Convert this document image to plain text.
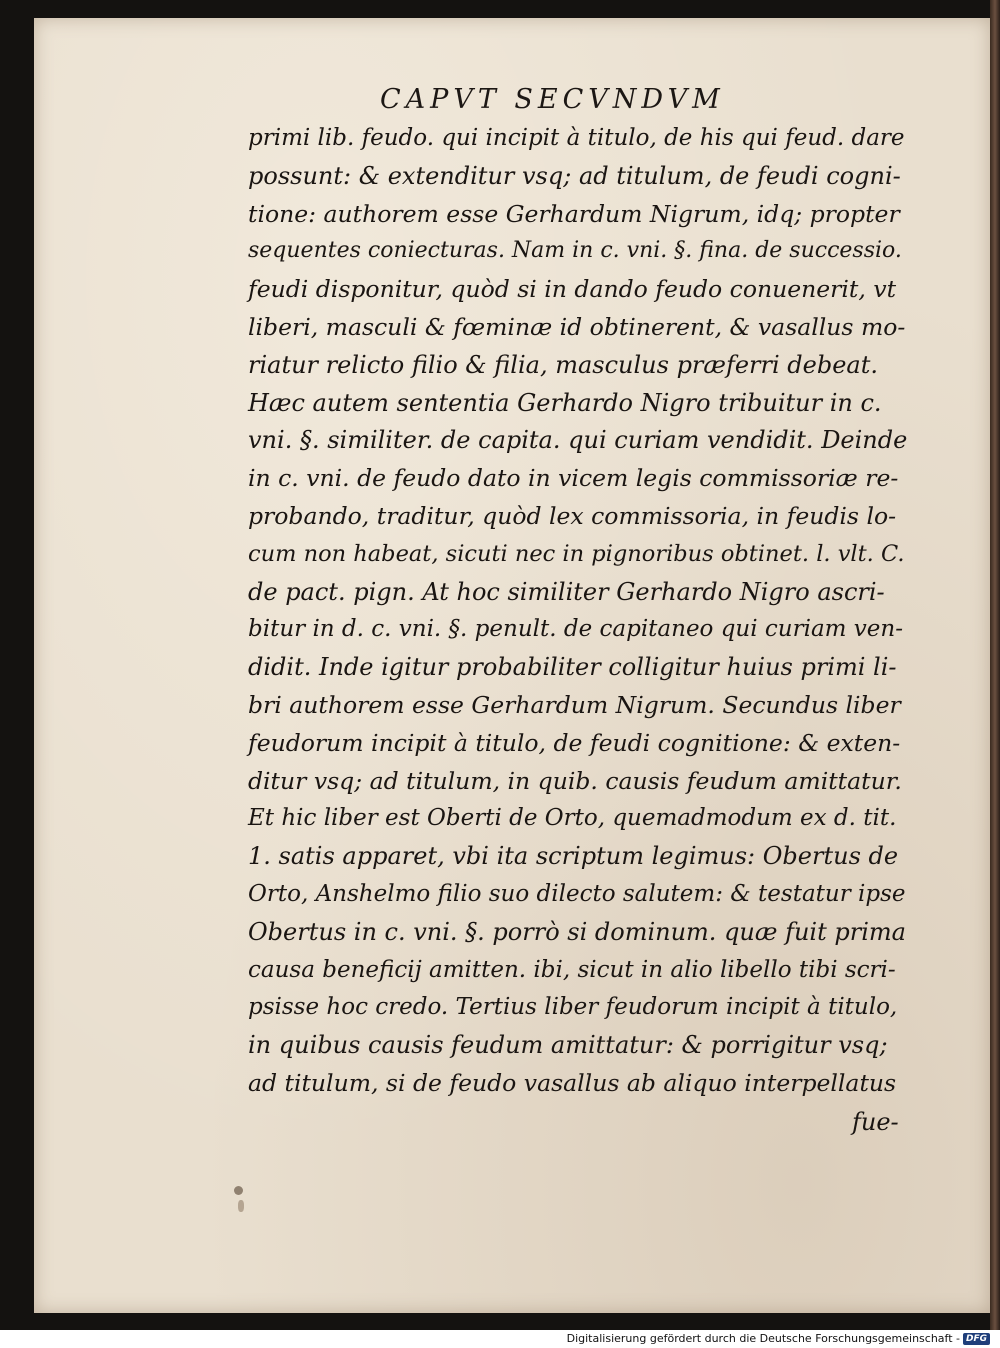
CAPVT SECVNDVM
primi lib. feudo. qui incipit à titulo, de his qui feud. dare
possunt: & extenditur vsq; ad titulum, de feudi cogni-
tione: authorem esse Gerhardum Nigrum, idq; propter
sequentes coniecturas. Nam in c. vni. §. fina. de successio.
feudi disponitur, quòd si in dando feudo conuenerit, vt
liberi, masculi & fœminæ id obtinerent, & vasallus mo-
riatur relicto filio & filia, masculus præferri debeat.
Hæc autem sententia Gerhardo Nigro tribuitur in c.
vni. §. similiter. de capita. qui curiam vendidit. Deinde
in c. vni. de feudo dato in vicem legis commissoriæ re-
probando, traditur, quòd lex commissoria, in feudis lo-
cum non habeat, sicuti nec in pignoribus obtinet. l. vlt. C.
de pact. pign. At hoc similiter Gerhardo Nigro ascri-
bitur in d. c. vni. §. penult. de capitaneo qui curiam ven-
didit. Inde igitur probabiliter colligitur huius primi li-
bri authorem esse Gerhardum Nigrum. Secundus liber
feudorum incipit à titulo, de feudi cognitione: & exten-
ditur vsq; ad titulum, in quib. causis feudum amittatur.
Et hic liber est Oberti de Orto, quemadmodum ex d. tit.
1. satis apparet, vbi ita scriptum legimus: Obertus de
Orto, Anshelmo filio suo dilecto salutem: & testatur ipse
Obertus in c. vni. §. porrò si dominum. quæ fuit prima
causa beneficij amitten. ibi, sicut in alio libello tibi scri-
psisse hoc credo. Tertius liber feudorum incipit à titulo,
in quibus causis feudum amittatur: & porrigitur vsq;
ad titulum, si de feudo vasallus ab aliquo interpellatus
fue-
Digitalisierung gefördert durch die Deutsche Forschungsgemeinschaft - DFG
